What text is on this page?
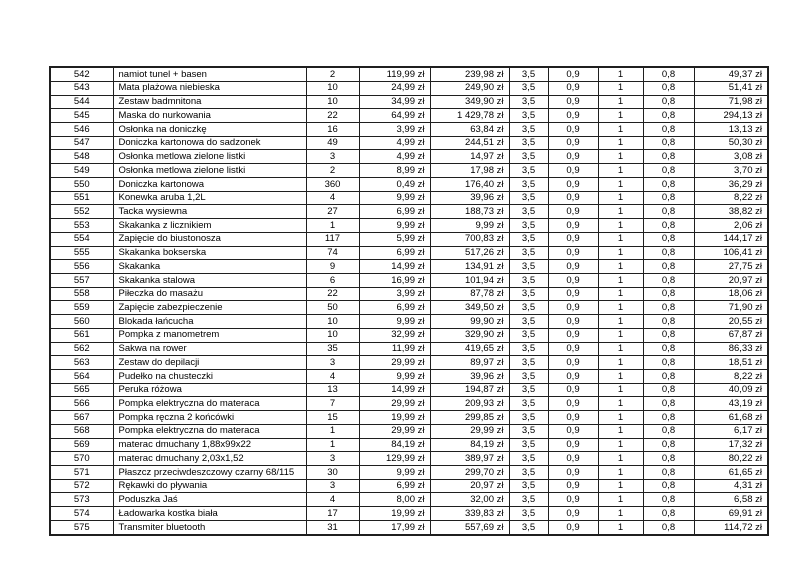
542	namiot tunel + basen	2	119,99 zł	239,98 zł	3,5	0,9	1	0,8	49,37 zł
543	Mata plażowa niebieska	10	24,99 zł	249,90 zł	3,5	0,9	1	0,8	51,41 zł
544	Zestaw badmnitona	10	34,99 zł	349,90 zł	3,5	0,9	1	0,8	71,98 zł
545	Maska do nurkowania	22	64,99 zł	1 429,78 zł	3,5	0,9	1	0,8	294,13 zł
546	Osłonka na doniczkę	16	3,99 zł	63,84 zł	3,5	0,9	1	0,8	13,13 zł
547	Doniczka kartonowa do sadzonek	49	4,99 zł	244,51 zł	3,5	0,9	1	0,8	50,30 zł
548	Osłonka metlowa zielone listki	3	4,99 zł	14,97 zł	3,5	0,9	1	0,8	3,08 zł
549	Osłonka metlowa zielone listki	2	8,99 zł	17,98 zł	3,5	0,9	1	0,8	3,70 zł
550	Doniczka kartonowa	360	0,49 zł	176,40 zł	3,5	0,9	1	0,8	36,29 zł
551	Konewka aruba 1,2L	4	9,99 zł	39,96 zł	3,5	0,9	1	0,8	8,22 zł
552	Tacka wysiewna	27	6,99 zł	188,73 zł	3,5	0,9	1	0,8	38,82 zł
553	Skakanka z licznikiem	1	9,99 zł	9,99 zł	3,5	0,9	1	0,8	2,06 zł
554	Zapięcie do biustonosza	117	5,99 zł	700,83 zł	3,5	0,9	1	0,8	144,17 zł
555	Skakanka bokserska	74	6,99 zł	517,26 zł	3,5	0,9	1	0,8	106,41 zł
556	Skakanka	9	14,99 zł	134,91 zł	3,5	0,9	1	0,8	27,75 zł
557	Skakanka stalowa	6	16,99 zł	101,94 zł	3,5	0,9	1	0,8	20,97 zł
558	Piłeczka do masażu	22	3,99 zł	87,78 zł	3,5	0,9	1	0,8	18,06 zł
559	Zapięcie zabezpieczenie	50	6,99 zł	349,50 zł	3,5	0,9	1	0,8	71,90 zł
560	Blokada łańcucha	10	9,99 zł	99,90 zł	3,5	0,9	1	0,8	20,55 zł
561	Pompka z manometrem	10	32,99 zł	329,90 zł	3,5	0,9	1	0,8	67,87 zł
562	Sakwa na rower	35	11,99 zł	419,65 zł	3,5	0,9	1	0,8	86,33 zł
563	Zestaw do depilacji	3	29,99 zł	89,97 zł	3,5	0,9	1	0,8	18,51 zł
564	Pudełko na chusteczki	4	9,99 zł	39,96 zł	3,5	0,9	1	0,8	8,22 zł
565	Peruka różowa	13	14,99 zł	194,87 zł	3,5	0,9	1	0,8	40,09 zł
566	Pompka elektryczna do materaca	7	29,99 zł	209,93 zł	3,5	0,9	1	0,8	43,19 zł
567	Pompka ręczna 2 końcówki	15	19,99 zł	299,85 zł	3,5	0,9	1	0,8	61,68 zł
568	Pompka elektryczna do materaca	1	29,99 zł	29,99 zł	3,5	0,9	1	0,8	6,17 zł
569	materac dmuchany 1,88x99x22	1	84,19 zł	84,19 zł	3,5	0,9	1	0,8	17,32 zł
570	materac dmuchany 2,03x1,52	3	129,99 zł	389,97 zł	3,5	0,9	1	0,8	80,22 zł
571	Płaszcz przeciwdeszczowy czarny 68/115	30	9,99 zł	299,70 zł	3,5	0,9	1	0,8	61,65 zł
572	Rękawki do pływania	3	6,99 zł	20,97 zł	3,5	0,9	1	0,8	4,31 zł
573	Poduszka Jaś	4	8,00 zł	32,00 zł	3,5	0,9	1	0,8	6,58 zł
574	Ładowarka kostka biała	17	19,99 zł	339,83 zł	3,5	0,9	1	0,8	69,91 zł
575	Transmiter bluetooth	31	17,99 zł	557,69 zł	3,5	0,9	1	0,8	114,72 zł
